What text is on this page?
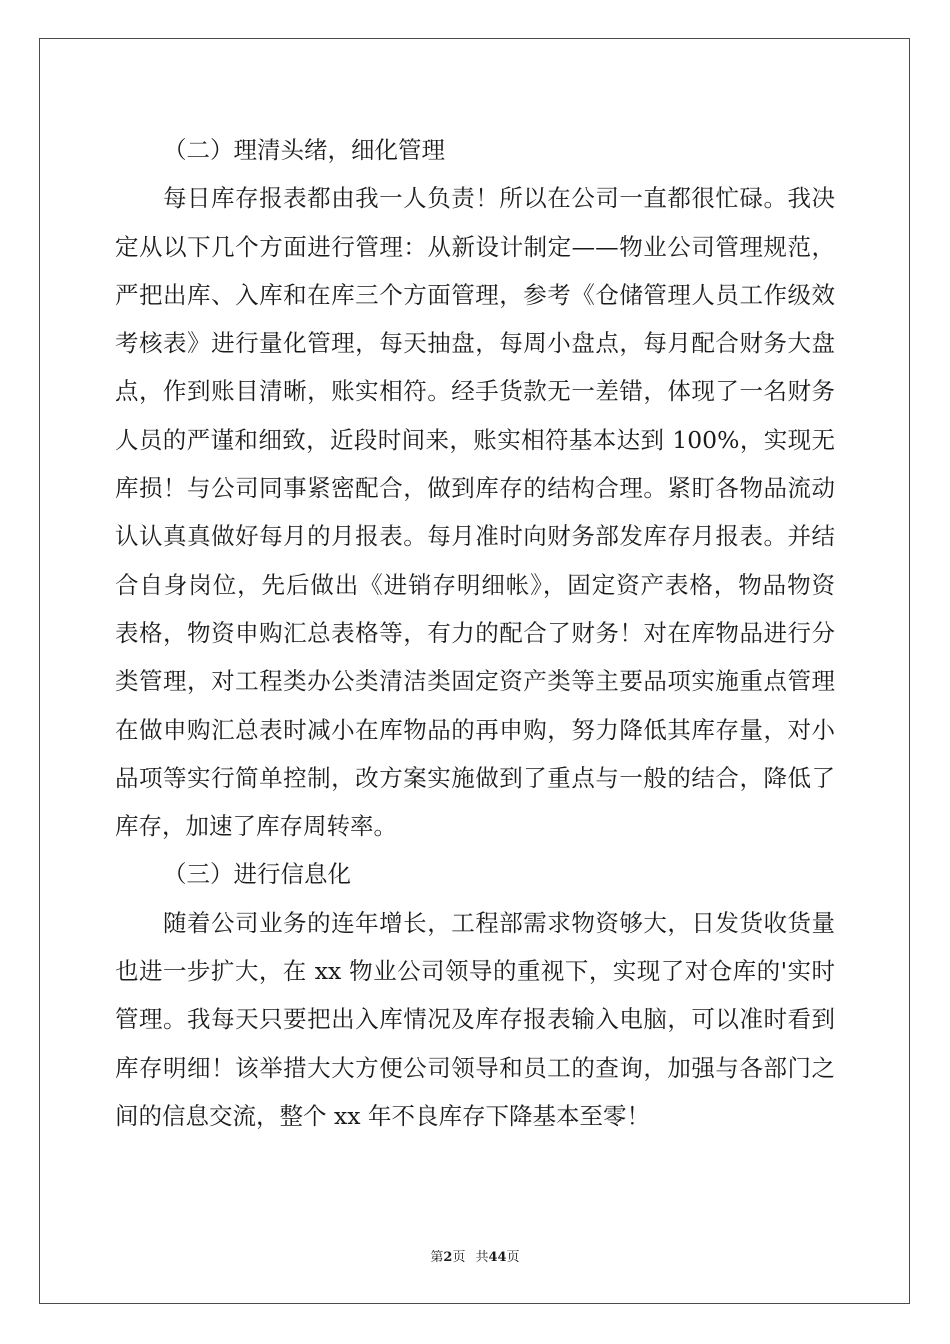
（二）理清头绪，细化管理
每日库存报表都由我一人负责！所以在公司一直都很忙碌。我决
定从以下几个方面进行管理：从新设计制定——物业公司管理规范，
严把出库、入库和在库三个方面管理，参考《仓储管理人员工作级效
考核表》进行量化管理，每天抽盘，每周小盘点，每月配合财务大盘
点，作到账目清晰，账实相符。经手货款无一差错，体现了一名财务
人员的严谨和细致，近段时间来，账实相符基本达到 100%，实现无
库损！与公司同事紧密配合，做到库存的结构合理。紧盯各物品流动
认认真真做好每月的月报表。每月准时向财务部发库存月报表。并结
合自身岗位，先后做出《进销存明细帐》，固定资产表格，物品物资
表格，物资申购汇总表格等，有力的配合了财务！对在库物品进行分
类管理，对工程类办公类清洁类固定资产类等主要品项实施重点管理
在做申购汇总表时减小在库物品的再申购，努力降低其库存量，对小
品项等实行简单控制，改方案实施做到了重点与一般的结合，降低了
库存，加速了库存周转率。
（三）进行信息化
随着公司业务的连年增长，工程部需求物资够大，日发货收货量
也进一步扩大，在 xx 物业公司领导的重视下，实现了对仓库的'实时
管理。我每天只要把出入库情况及库存报表输入电脑，可以准时看到
库存明细！该举措大大方便公司领导和员工的查询，加强与各部门之
间的信息交流，整个 xx 年不良库存下降基本至零！
第2页 共44页
